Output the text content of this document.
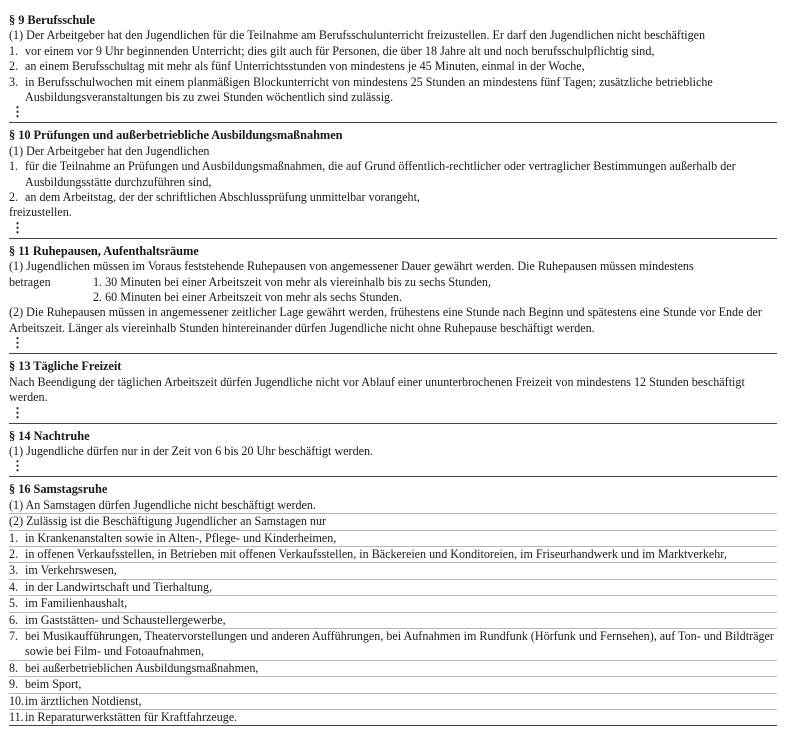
§ 9 Berufsschule

(1) Der Arbeitgeber hat den Jugendlichen für die Teilnahme am Berufsschulunterricht freizustellen. Er darf den Jugendlichen nicht beschäftigen

1. vor einem vor 9 Uhr beginnenden Unterricht; dies gilt auch für Personen, die über 18 Jahre alt und noch berufsschulpflichtig sind,
2. an einem Berufsschultag mit mehr als fünf Unterrichtsstunden von mindestens je 45 Minuten, einmal in der Woche,
3. in Berufsschulwochen mit einem planmäßigen Blockunterricht von mindestens 25 Stunden an mindestens fünf Tagen; zusätzliche betriebliche Ausbildungsveranstaltungen bis zu zwei Stunden wöchentlich sind zulässig.
⋮

§ 10 Prüfungen und außerbetriebliche Ausbildungsmaßnahmen

(1) Der Arbeitgeber hat den Jugendlichen

1. für die Teilnahme an Prüfungen und Ausbildungsmaßnahmen, die auf Grund öffentlich-rechtlicher oder vertraglicher Bestimmungen außerhalb der Ausbildungsstätte durchzuführen sind,
2. an dem Arbeitstag, der der schriftlichen Abschlussprüfung unmittelbar vorangeht,

freizustellen.

⋮

§ 11 Ruhepausen, Aufenthaltsräume

(1) Jugendlichen müssen im Voraus feststehende Ruhepausen von angemessener Dauer gewährt werden. Die Ruhepausen müssen mindestens

betragen	1. 30 Minuten bei einer Arbeitszeit von mehr als viereinhalb bis zu sechs Stunden,
2. 60 Minuten bei einer Arbeitszeit von mehr als sechs Stunden.

(2) Die Ruhepausen müssen in angemessener zeitlicher Lage gewährt werden, frühestens eine Stunde nach Beginn und spätestens eine Stunde vor Ende der Arbeitszeit. Länger als viereinhalb Stunden hintereinander dürfen Jugendliche nicht ohne Ruhepause beschäftigt werden.

⋮

§ 13 Tägliche Freizeit

Nach Beendigung der täglichen Arbeitszeit dürfen Jugendliche nicht vor Ablauf einer ununterbrochenen Freizeit von mindestens 12 Stunden beschäftigt werden.

⋮

§ 14 Nachtruhe

(1) Jugendliche dürfen nur in der Zeit von 6 bis 20 Uhr beschäftigt werden.

⋮

§ 16 Samstagsruhe

(1) An Samstagen dürfen Jugendliche nicht beschäftigt werden.

(2) Zulässig ist die Beschäftigung Jugendlicher an Samstagen nur

1. in Krankenanstalten sowie in Alten-, Pflege- und Kinderheimen,
2. in offenen Verkaufsstellen, in Betrieben mit offenen Verkaufsstellen, in Bäckereien und Konditoreien, im Friseurhandwerk und im Marktverkehr,
3. im Verkehrswesen,
4. in der Landwirtschaft und Tierhaltung,
5. im Familienhaushalt,
6. im Gaststätten- und Schaustellergewerbe,
7. bei Musikaufführungen, Theatervorstellungen und anderen Aufführungen, bei Aufnahmen im Rundfunk (Hörfunk und Fernsehen), auf Ton- und Bildträger sowie bei Film- und Fotoaufnahmen,
8. bei außerbetrieblichen Ausbildungsmaßnahmen,
9. beim Sport,
10. im ärztlichen Notdienst,
11. in Reparaturwerkstätten für Kraftfahrzeuge.
